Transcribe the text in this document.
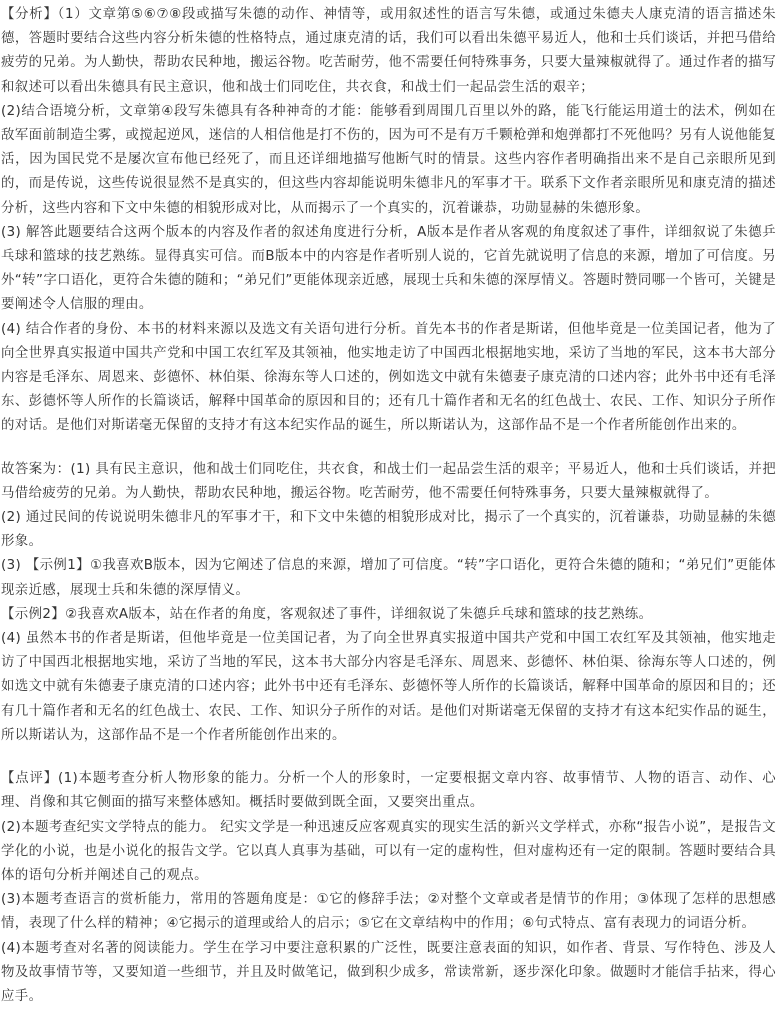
【分析】（1）文章第⑤⑥⑦⑧段或描写朱德的动作、神情等，或用叙述性的语言写朱德，或通过朱德夫人康克清的语言描述朱德，答题时要结合这些内容分析朱德的性格特点，通过康克清的话，我们可以看出朱德平易近人，他和士兵们谈话，并把马借给疲劳的兄弟。为人勤快，帮助农民种地，搬运谷物。吃苦耐劳，他不需要任何特殊事务，只要大量辣椒就得了。通过作者的描写和叙述可以看出朱德具有民主意识，他和战士们同吃住，共衣食，和战士们一起品尝生活的艰辛；

(2)结合语境分析，文章第④段写朱德具有各种神奇的才能：能够看到周围几百里以外的路，能飞行能运用道士的法术，例如在敌军面前制造尘雾，或搅起逆风，迷信的人相信他是打不伤的，因为可不是有万千颗枪弹和炮弹都打不死他吗？另有人说他能复活，因为国民党不是屡次宣布他已经死了，而且还详细地描写他断气时的情景。这些内容作者明确指出来不是自己亲眼所见到的，而是传说，这些传说很显然不是真实的，但这些内容却能说明朱德非凡的军事才干。联系下文作者亲眼所见和康克清的描述分析，这些内容和下文中朱德的相貌形成对比，从而揭示了一个真实的，沉着谦恭，功勋显赫的朱德形象。

(3) 解答此题要结合这两个版本的内容及作者的叙述角度进行分析，A版本是作者从客观的角度叙述了事件，详细叙说了朱德乒乓球和篮球的技艺熟练。显得真实可信。而B版本中的内容是作者听别人说的，它首先就说明了信息的来源，增加了可信度。另外“转”字口语化，更符合朱德的随和；“弟兄们”更能体现亲近感，展现士兵和朱德的深厚情义。答题时赞同哪一个皆可，关键是要阐述令人信服的理由。

(4) 结合作者的身份、本书的材料来源以及选文有关语句进行分析。首先本书的作者是斯诺，但他毕竟是一位美国记者，他为了向全世界真实报道中国共产党和中国工农红军及其领袖，他实地走访了中国西北根据地实地，采访了当地的军民，这本书大部分内容是毛泽东、周恩来、彭德怀、林伯渠、徐海东等人口述的，例如选文中就有朱德妻子康克清的口述内容；此外书中还有毛泽东、彭德怀等人所作的长篇谈话，解释中国革命的原因和目的；还有几十篇作者和无名的红色战士、农民、工作、知识分子所作的对话。是他们对斯诺毫无保留的支持才有这本纪实作品的诞生，所以斯诺认为，这部作品不是一个作者所能创作出来的。

故答案为：(1) 具有民主意识，他和战士们同吃住，共衣食，和战士们一起品尝生活的艰辛；平易近人，他和士兵们谈话，并把马借给疲劳的兄弟。为人勤快，帮助农民种地，搬运谷物。吃苦耐劳，他不需要任何特殊事务，只要大量辣椒就得了。

(2) 通过民间的传说说明朱德非凡的军事才干，和下文中朱德的相貌形成对比，揭示了一个真实的，沉着谦恭，功勋显赫的朱德形象。

(3) 【示例1】①我喜欢B版本，因为它阐述了信息的来源，增加了可信度。“转”字口语化，更符合朱德的随和；“弟兄们”更能体现亲近感，展现士兵和朱德的深厚情义。

【示例2】②我喜欢A版本，站在作者的角度，客观叙述了事件，详细叙说了朱德乒乓球和篮球的技艺熟练。

(4) 虽然本书的作者是斯诺，但他毕竟是一位美国记者，为了向全世界真实报道中国共产党和中国工农红军及其领袖，他实地走访了中国西北根据地实地，采访了当地的军民，这本书大部分内容是毛泽东、周恩来、彭德怀、林伯渠、徐海东等人口述的，例如选文中就有朱德妻子康克清的口述内容；此外书中还有毛泽东、彭德怀等人所作的长篇谈话，解释中国革命的原因和目的；还有几十篇作者和无名的红色战士、农民、工作、知识分子所作的对话。是他们对斯诺毫无保留的支持才有这本纪实作品的诞生，所以斯诺认为，这部作品不是一个作者所能创作出来的。

【点评】(1)本题考查分析人物形象的能力。分析一个人的形象时，一定要根据文章内容、故事情节、人物的语言、动作、心理、肖像和其它侧面的描写来整体感知。概括时要做到既全面，又要突出重点。

(2)本题考查纪实文学特点的能力。 纪实文学是一种迅速反应客观真实的现实生活的新兴文学样式，亦称“报告小说”，是报告文学化的小说，也是小说化的报告文学。它以真人真事为基础，可以有一定的虚构性，但对虚构还有一定的限制。答题时要结合具体的语句分析并阐述自己的观点。

(3)本题考查语言的赏析能力，常用的答题角度是：①它的修辞手法；②对整个文章或者是情节的作用；③体现了怎样的思想感情，表现了什么样的精神；④它揭示的道理或给人的启示；⑤它在文章结构中的作用；⑥句式特点、富有表现力的词语分析。

(4)本题考查对名著的阅读能力。学生在学习中要注意积累的广泛性，既要注意表面的知识，如作者、背景、写作特色、涉及人物及故事情节等，又要知道一些细节，并且及时做笔记，做到积少成多，常读常新，逐步深化印象。做题时才能信手拈来，得心应手。
